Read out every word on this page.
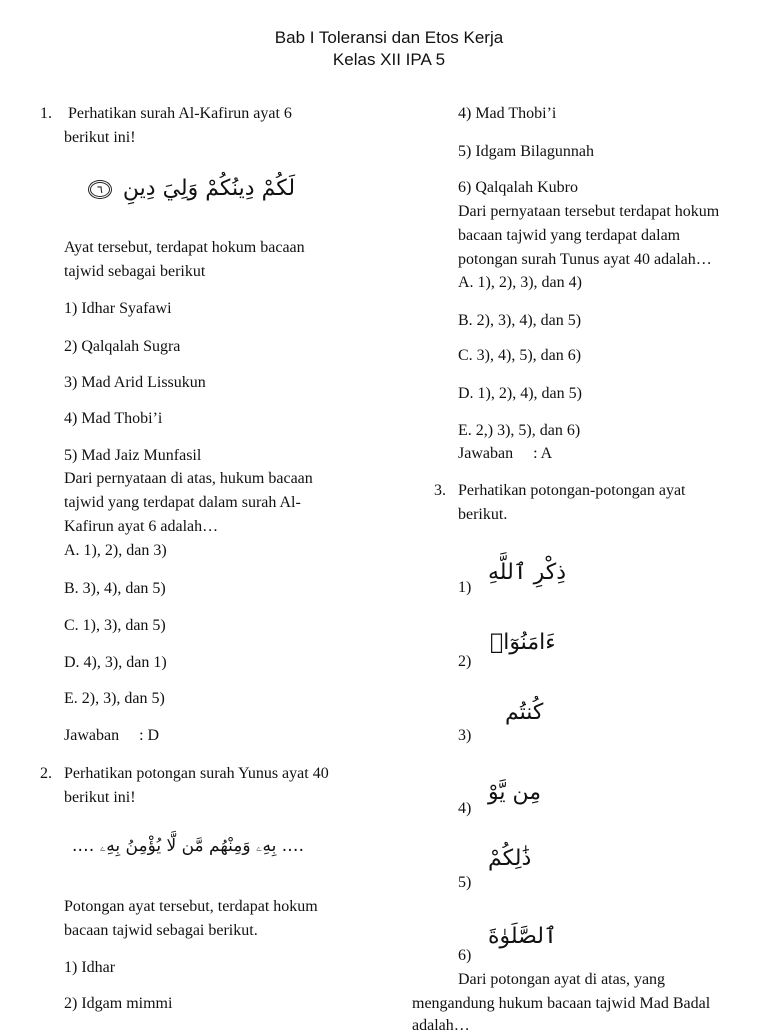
Bab I Toleransi dan Etos Kerja
Kelas XII IPA 5
1. Perhatikan surah Al-Kafirun ayat 6
berikut ini!
لَكُمْ دِينُكُمْ وَلِيَ دِينِ ٦
Ayat tersebut, terdapat hokum bacaan
tajwid sebagai berikut
1) Idhar Syafawi
2) Qalqalah Sugra
3) Mad Arid Lissukun
4) Mad Thobi’i
5) Mad Jaiz Munfasil
Dari pernyataan di atas, hukum bacaan
tajwid yang terdapat dalam surah Al-
Kafirun ayat 6 adalah…
A. 1), 2), dan 3)
B. 3), 4), dan 5)
C. 1), 3), dan 5)
D. 4), 3), dan 1)
E. 2), 3), dan 5)
Jawaban     : D
2. Perhatikan potongan surah Yunus ayat 40
berikut ini!
…. بِهِۦ وَمِنْهُم مَّن لَّا يُؤْمِنُ بِهِۦ ….
Potongan ayat tersebut, terdapat hokum
bacaan tajwid sebagai berikut.
1) Idhar
2) Idgam mimmi
4) Mad Thobi’i
5) Idgam Bilagunnah
6) Qalqalah Kubro
Dari pernyataan tersebut terdapat hokum
bacaan tajwid yang terdapat dalam
potongan surah Tunus ayat 40 adalah…
A. 1), 2), 3), dan 4)
B. 2), 3), 4), dan 5)
C. 3), 4), 5), dan 6)
D. 1), 2), 4), dan 5)
E. 2,) 3), 5), dan 6)
Jawaban     : A
3. Perhatikan potongan-potongan ayat
berikut.
1)
ذِكْرِ ٱللَّهِ
2)
ءَامَنُوٓا۟
3)
كُنتُم
4)
مِن يَّوْ
5)
ذَٰلِكُمْ
6)
ٱلصَّلَوٰةَ
Dari potongan ayat di atas, yang
mengandung hukum bacaan tajwid Mad Badal
adalah…
